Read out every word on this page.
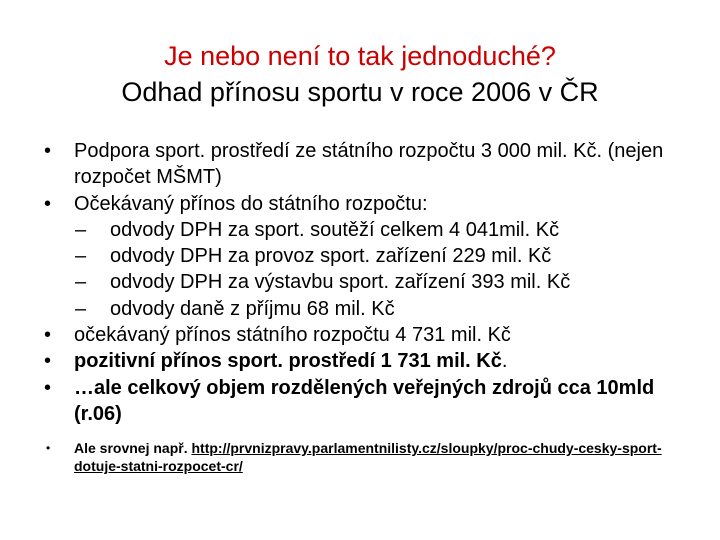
Je nebo není to tak jednoduché?
Odhad přínosu sportu v roce 2006 v ČR
• Podpora sport. prostředí ze státního rozpočtu 3 000 mil. Kč. (nejen rozpočet MŠMT)
• Očekávaný přínos do státního rozpočtu:
– odvody DPH za sport. soutěží celkem 4 041mil. Kč
– odvody DPH za provoz sport. zařízení 229 mil. Kč
– odvody DPH za výstavbu sport. zařízení 393 mil. Kč
– odvody daně z příjmu 68 mil. Kč
• očekávaný přínos státního rozpočtu 4 731 mil. Kč
• pozitivní přínos sport. prostředí 1 731 mil. Kč.
• …ale celkový objem rozdělených veřejných zdrojů cca 10mld (r.06)
• Ale srovnej např. http://prvnizpravy.parlamentnilisty.cz/sloupky/proc-chudy-cesky-sport-dotuje-statni-rozpocet-cr/
